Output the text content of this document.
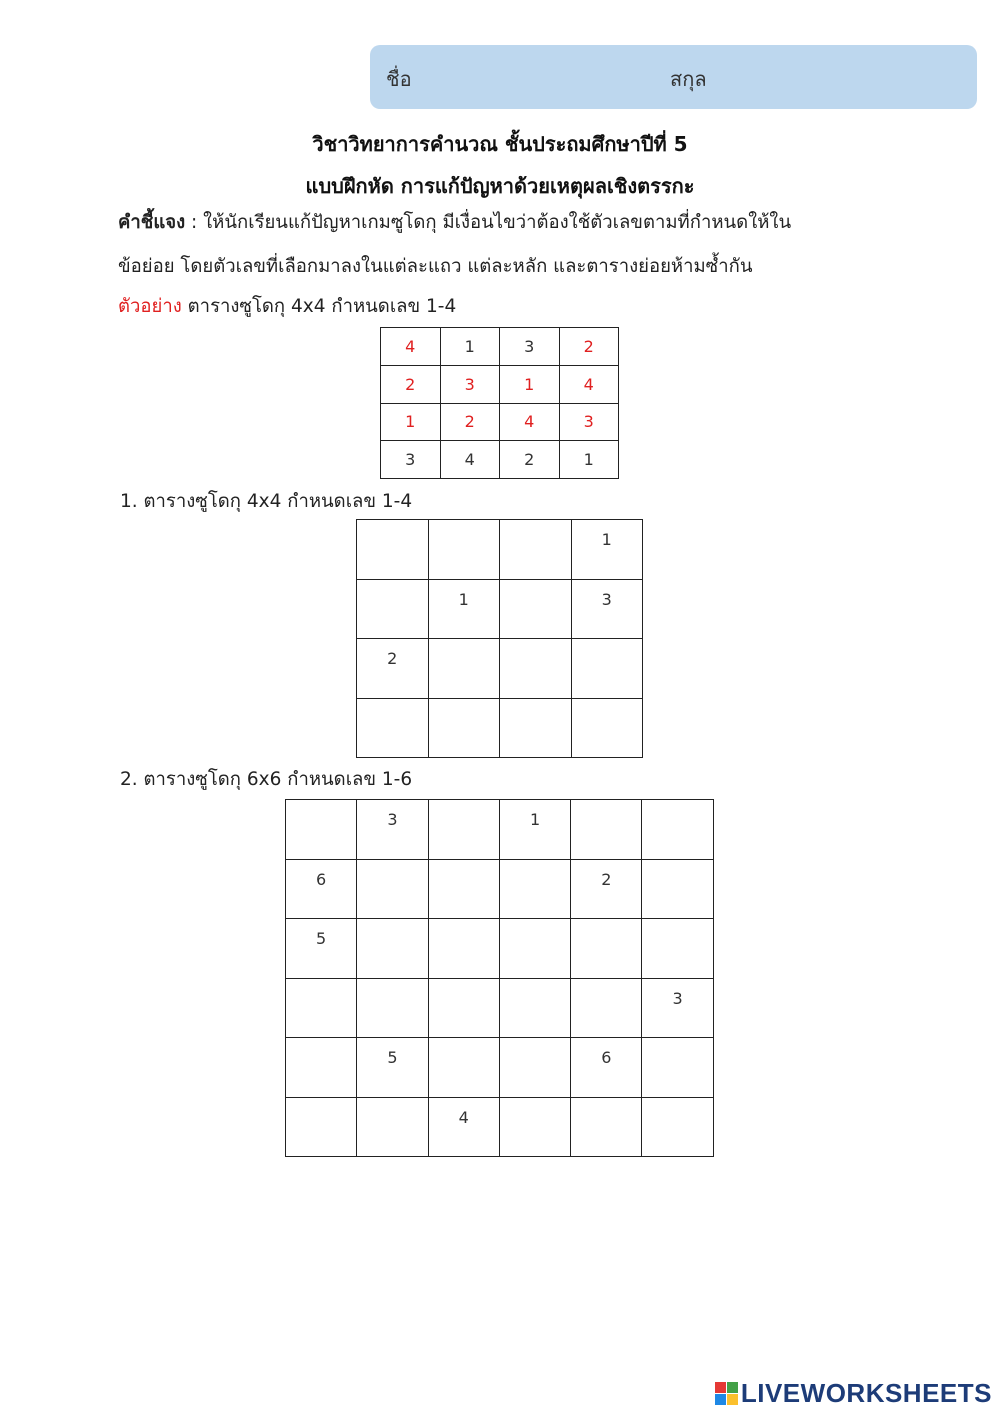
ชื่อ	สกุล
วิชาวิทยาการคำนวณ ชั้นประถมศึกษาปีที่ 5
แบบฝึกหัด การแก้ปัญหาด้วยเหตุผลเชิงตรรกะ
คำชี้แจง : ให้นักเรียนแก้ปัญหาเกมซูโดกุ มีเงื่อนไขว่าต้องใช้ตัวเลขตามที่กำหนดให้ใน
ข้อย่อย โดยตัวเลขที่เลือกมาลงในแต่ละแถว แต่ละหลัก และตารางย่อยห้ามซ้ำกัน
ตัวอย่าง ตารางซูโดกุ 4x4 กำหนดเลข 1-4
4	1	3	2
2	3	1	4
1	2	4	3
3	4	2	1
1. ตารางซูโดกุ 4x4 กำหนดเลข 1-4
			1
	1		3
2			

2. ตารางซูโดกุ 6x6 กำหนดเลข 1-6
	3		1		
6				2	
5					
					3
	5			6	
		4			
LIVEWORKSHEETS
